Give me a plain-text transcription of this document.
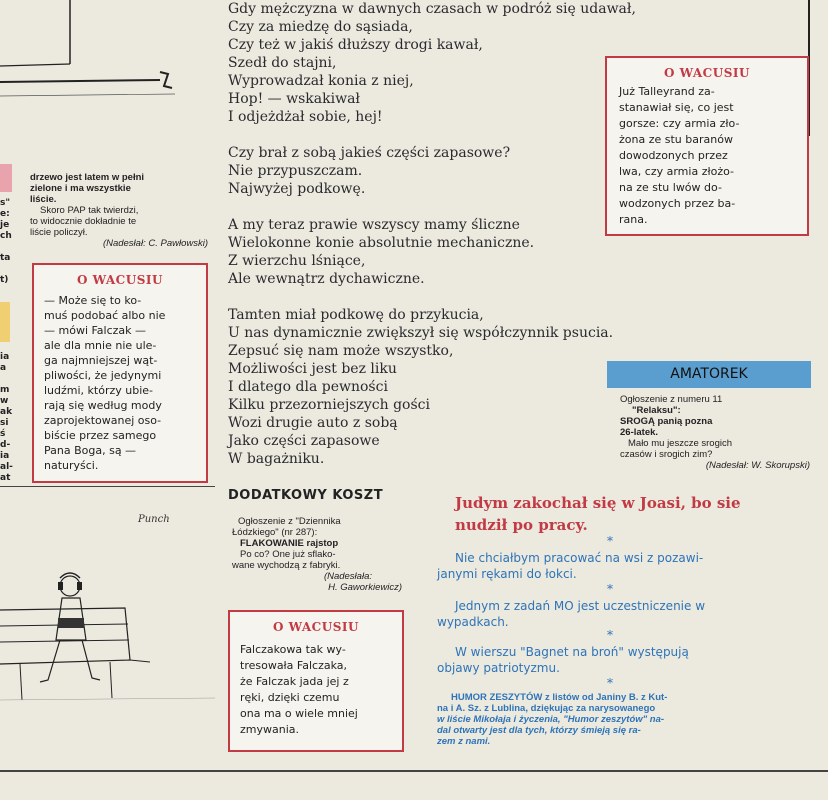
s"
e:
je
ch
ta
t)
ia
a
m
w
ak
si
ś
d-
ia
al-
at
drzewo jest latem w pełni
zielone i ma wszystkie
liście.
Skoro PAP tak twierdzi,
to widocznie dokładnie te
liście policzył.
(Nadesłał: C. Pawłowski)
O WACUSIU
— Może się to ko-
muś podobać albo nie
— mówi Falczak —
ale dla mnie nie ule-
ga najmniejszej wąt-
pliwości, że jedynymi
ludźmi, którzy ubie-
rają się według mody
zaprojektowanej oso-
biście przez samego
Pana Boga, są —
naturyści.
Gdy mężczyzna w dawnych czasach w podróż się udawał,
Czy za miedzę do sąsiada,
Czy też w jakiś dłuższy drogi kawał,
Szedł do stajni,
Wyprowadzał konia z niej,
Hop! — wskakiwał
I odjeżdżał sobie, hej!
Czy brał z sobą jakieś części zapasowe?
Nie przypuszczam.
Najwyżej podkowę.
A my teraz prawie wszyscy mamy śliczne
Wielokonne konie absolutnie mechaniczne.
Z wierzchu lśniące,
Ale wewnątrz dychawiczne.
Tamten miał podkowę do przykucia,
U nas dynamicznie zwiększył się współczynnik psucia.
Zepsuć się nam może wszystko,
Możliwości jest bez liku
I dlatego dla pewności
Kilku przezorniejszych gości
Wozi drugie auto z sobą
Jako części zapasowe
W bagażniku.
O WACUSIU
Już Talleyrand za-
stanawiał się, co jest
gorsze: czy armia zło-
żona ze stu baranów
dowodzonych przez
lwa, czy armia złożo-
na ze stu lwów do-
wodzonych przez ba-
rana.
AMATOREK
Ogłoszenie z numeru 11
"Relaksu":
SROGĄ panią pozna
26-latek.
Mało mu jeszcze srogich
czasów i srogich zim?
(Nadesłał: W. Skorupski)
DODATKOWY KOSZT
Ogłoszenie z "Dziennika
Łódzkiego" (nr 287):
FLAKOWANIE rajstop
Po co? One już sflako-
wane wychodzą z fabryki.
(Nadesłała:
H. Gaworkiewicz)
O WACUSIU
Falczakowa tak wy-
tresowała Falczaka,
że Falczak jada jej z
ręki, dzięki czemu
ona ma o wiele mniej
zmywania.
Punch
Judym zakochał się w Joasi, bo sie
nudził po pracy.
*
Nie chciałbym pracować na wsi z pozawi-
janymi rękami do łokci.
*
Jednym z zadań MO jest uczestniczenie w
wypadkach.
*
W wierszu "Bagnet na broń" występują
objawy patriotyzmu.
*
HUMOR ZESZYTÓW z listów od Janiny B. z Kut-
na i A. Sz. z Lublina, dziękując za narysowanego
w liście Mikołaja i życzenia, "Humor zeszytów" na-
dal otwarty jest dla tych, którzy śmieją się ra-
zem z nami.
